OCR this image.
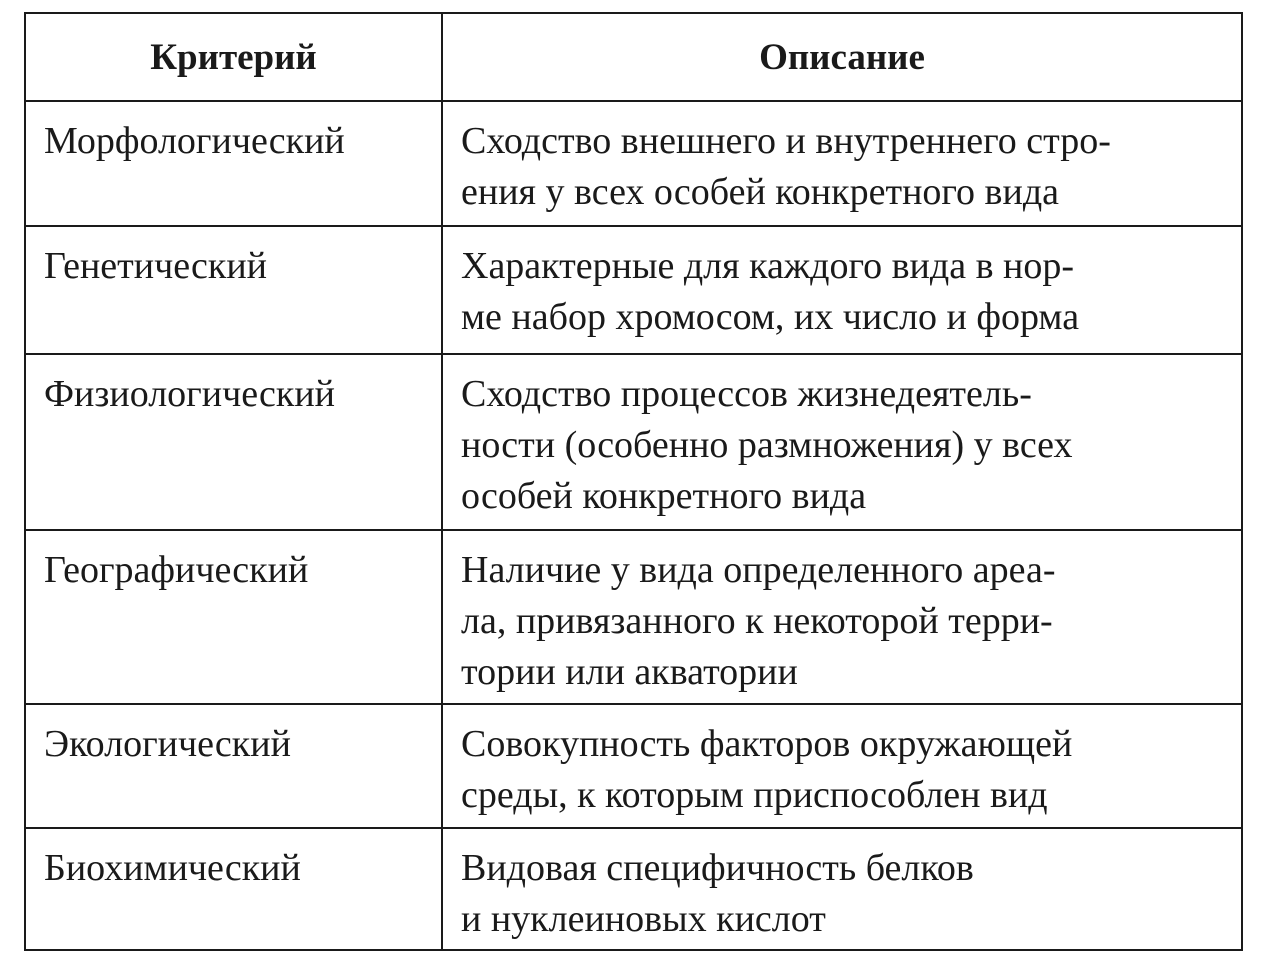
Критерий	Описание
Морфологический	Сходство внешнего и внутреннего стро-
ения у всех особей конкретного вида

Генетический	Характерные для каждого вида в нор-
ме набор хромосом, их число и форма

Физиологический	Сходство процессов жизнедеятель-
ности (особенно размножения) у всех
особей конкретного вида

Географический	Наличие у вида определенного ареа-
ла, привязанного к некоторой терри-
тории или акватории

Экологический	Совокупность факторов окружающей
среды, к которым приспособлен вид

Биохимический	Видовая специфичность белков
и нуклеиновых кислот
